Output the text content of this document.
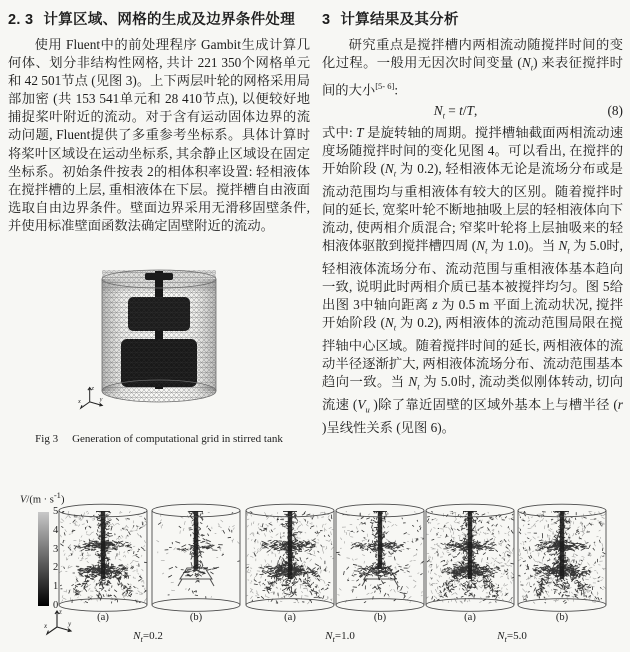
2. 3 计算区域、网格的生成及边界条件处理

使用 Fluent中的前处理程序 Gambit生成计算几何体、划分非结构性网格, 共计 221 350个网格单元和 42 501节点 (见图 3)。上下两层叶轮的网格采用局部加密 (共 153 541单元和 28 410节点), 以便较好地捕捉桨叶附近的流动。对于含有运动固体边界的流动问题, Fluent提供了多重参考坐标系。具体计算时将桨叶区域设在运动坐标系, 其余静止区域设在固定坐标系。初始条件按表 2的相体积率设置: 轻相液体在搅拌槽的上层, 重相液体在下层。搅拌槽自由液面选取自由边界条件。壁面边界采用无滑移固壁条件, 并使用标准壁面函数法确定固壁附近的流动。

z
y
x
Fig 3 Generation of computational grid in stirred tank
3 计算结果及其分析

研究重点是搅拌槽内两相流动随搅拌时间的变化过程。一般用无因次时间变量 $(N_t)$ 来表征搅拌时间的大小[5- 6]:

$N_t = t/T$,	(8)

式中: T 是旋转轴的周期。搅拌槽轴截面两相流动速度场随搅拌时间的变化见图 4。可以看出, 在搅拌的开始阶段 ($N_t$ 为 0.2), 轻相液体无论是流场分布或是流动范围均与重相液体有较大的区别。随着搅拌时间的延长, 宽桨叶轮不断地抽吸上层的轻相液体向下流动, 使两相介质混合; 窄桨叶轮将上层抽吸来的轻相液体驱散到搅拌槽四周 ($N_t$ 为 1.0)。当 $N_t$ 为 5.0时, 轻相液体流场分布、流动范围与重相液体基本趋向一致, 说明此时两相介质已基本被搅拌均匀。图 5给出图 3中轴向距离 z 为 0.5 m 平面上流动状况, 搅拌开始阶段 ($N_t$ 为 0.2), 两相液体的流动范围局限在搅拌轴中心区域。随着搅拌时间的延长, 两相液体的流动半径逐渐扩大, 两相液体流场分布、流动范围基本趋向一致。当 $N_t$ 为 5.0时, 流动类似刚体转动, 切向流速 ($V_u$ )除了靠近固壁的区域外基本上与槽半径 (r )呈线性关系 (见图 6)。

$V/(m \cdot s^{-1})$
5
4
3
2
1
0
z
y
x
(a)	(b)	(a)	(b)	(a)	(b)
$N_t=0.2$	$N_t=1.0$	$N_t=5.0$
